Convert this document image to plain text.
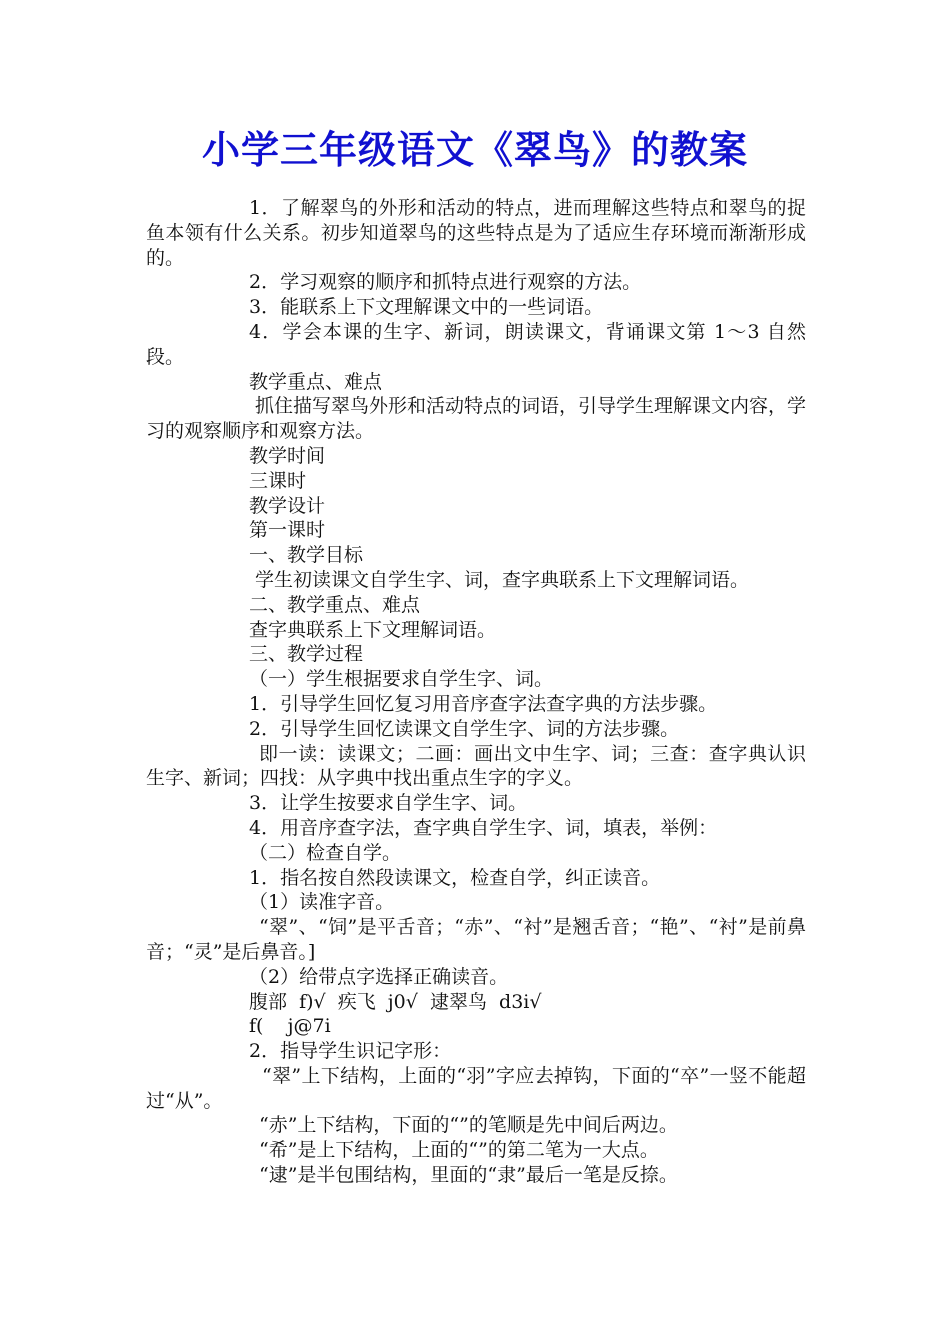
小学三年级语文《翠鸟》的教案

1．了解翠鸟的外形和活动的特点，进而理解这些特点和翠鸟的捉鱼本领有什么关系。初步知道翠鸟的这些特点是为了适应生存环境而渐渐形成的。

2．学习观察的顺序和抓特点进行观察的方法。

3．能联系上下文理解课文中的一些词语。

4．学会本课的生字、新词，朗读课文，背诵课文第 1～3 自然段。

教学重点、难点

抓住描写翠鸟外形和活动特点的词语，引导学生理解课文内容，学习的观察顺序和观察方法。

教学时间

三课时

教学设计

第一课时

一、教学目标

学生初读课文自学生字、词，查字典联系上下文理解词语。

二、教学重点、难点

查字典联系上下文理解词语。

三、教学过程

（一）学生根据要求自学生字、词。

1．引导学生回忆复习用音序查字法查字典的方法步骤。

2．引导学生回忆读课文自学生字、词的方法步骤。

即一读：读课文；二画：画出文中生字、词；三查：查字典认识生字、新词；四找：从字典中找出重点生字的字义。

3．让学生按要求自学生字、词。

4．用音序查字法，查字典自学生字、词，填表，举例：

（二）检查自学。

1．指名按自然段读课文，检查自学，纠正读音。

（1）读准字音。

“翠”、“饲”是平舌音；“赤”、“衬”是翘舌音；“艳”、“衬”是前鼻音；“灵”是后鼻音。]

（2）给带点字选择正确读音。

腹部  f)√  疾飞  j0√  逮翠鸟  d3i√

f(    j@7i

2．指导学生识记字形：

“翠”上下结构，上面的“羽”字应去掉钩，下面的“卒”一竖不能超过“从”。

“赤”上下结构，下面的“”的笔顺是先中间后两边。

“希”是上下结构，上面的“”的第二笔为一大点。

“逮”是半包围结构，里面的“隶”最后一笔是反捺。
